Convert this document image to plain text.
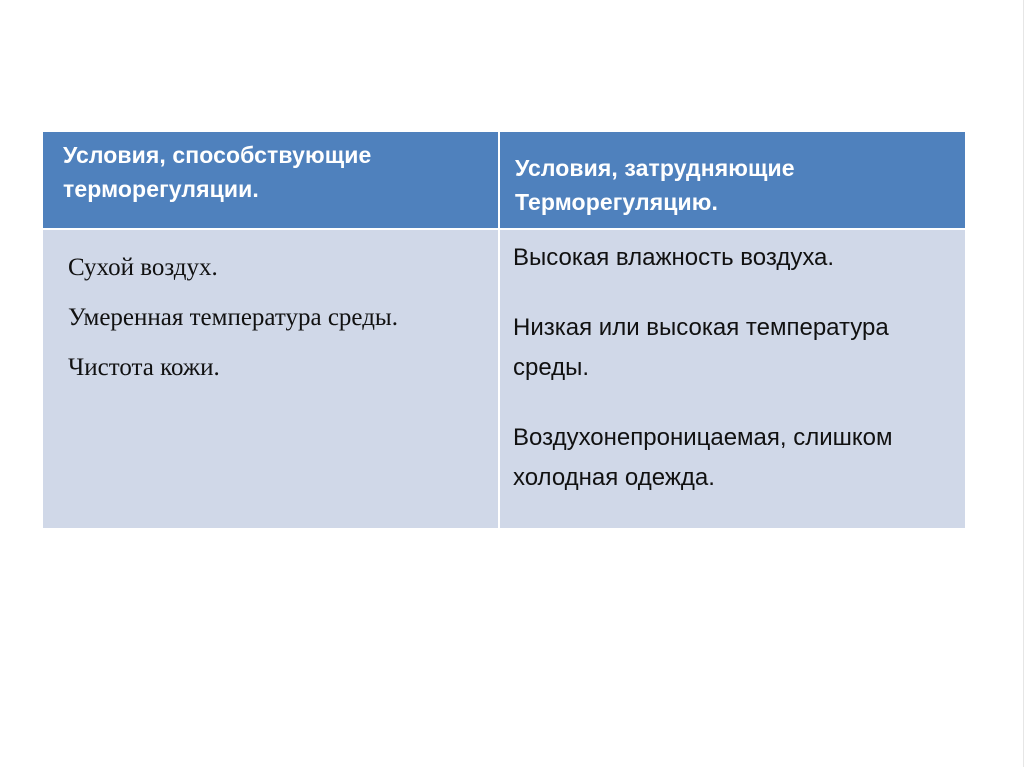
Условия, способствующие терморегуляции.
Условия, затрудняющие Терморегуляцию.

Сухой воздух.

Умеренная температура среды.

Чистота кожи.

Высокая влажность воздуха.

Низкая или высокая температура среды.

Воздухонепроницаемая, слишком холодная одежда.
